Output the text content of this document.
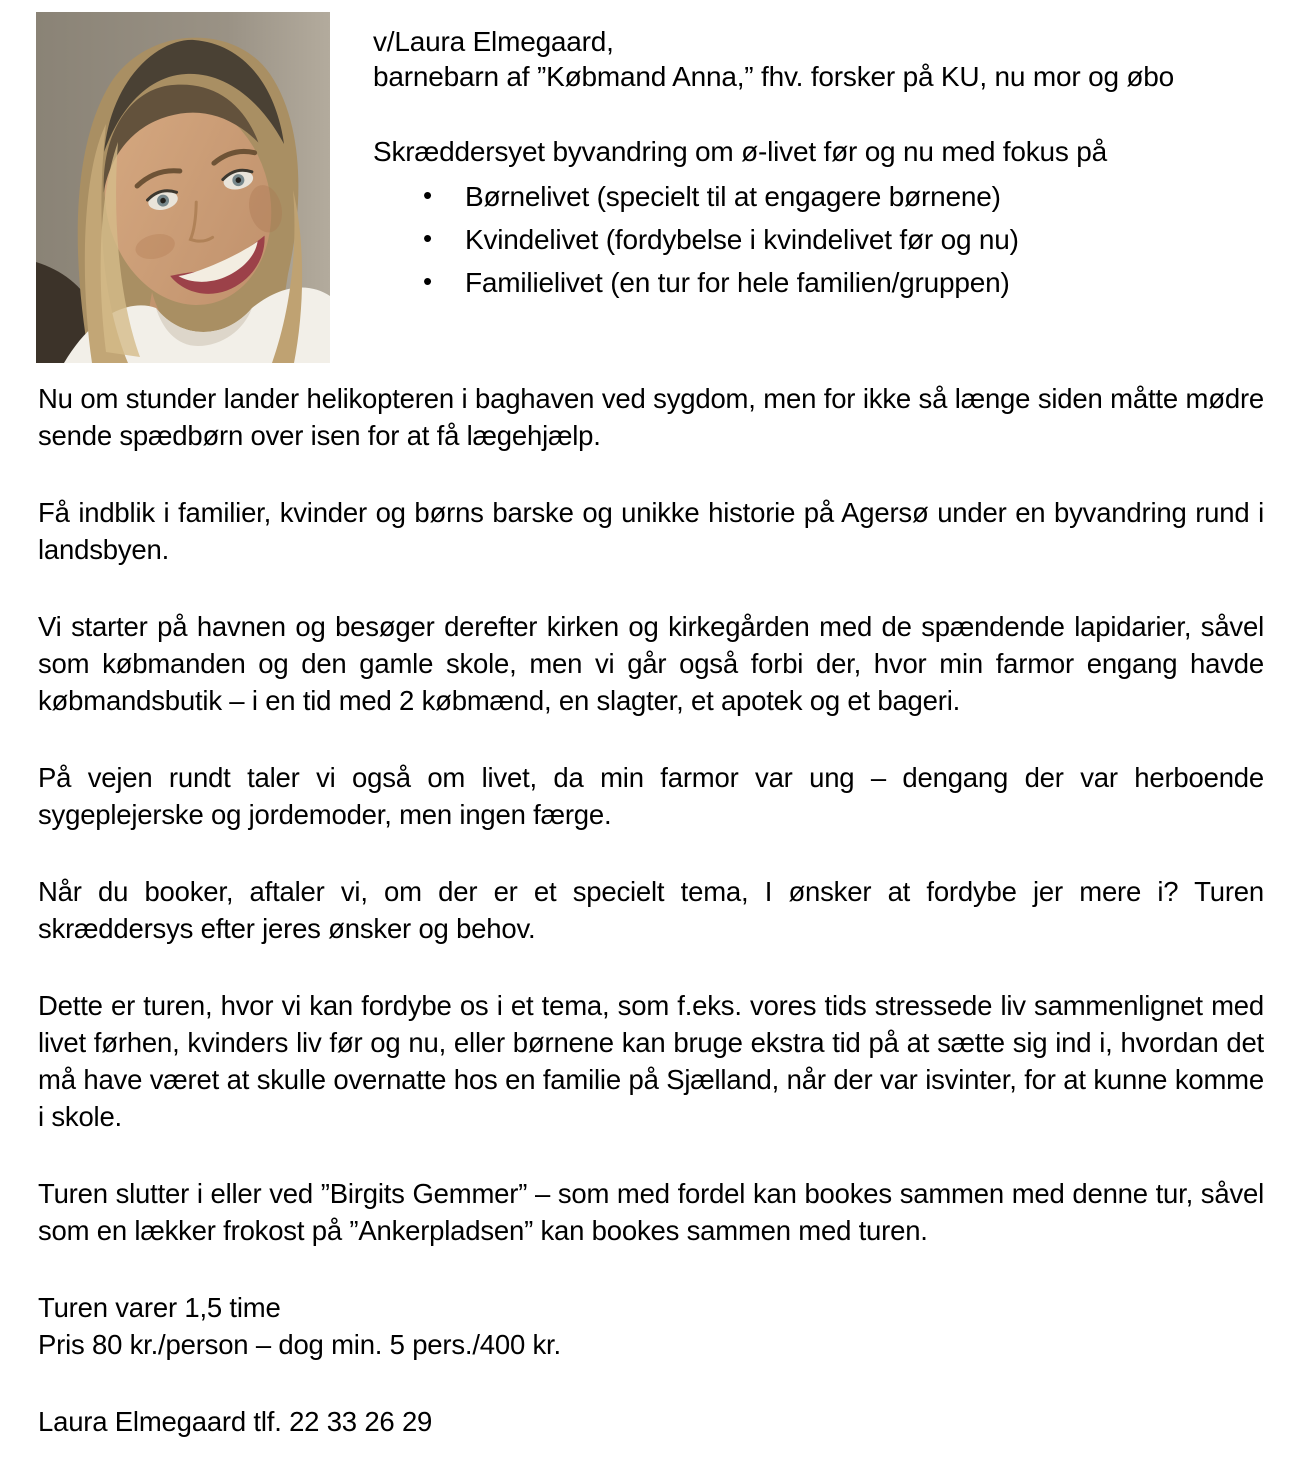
v/Laura Elmegaard,
barnebarn af ”Købmand Anna,” fhv. forsker på KU, nu mor og øbo
Skræddersyet byvandring om ø-livet før og nu med fokus på
• Børnelivet (specielt til at engagere børnene)
• Kvindelivet (fordybelse i kvindelivet før og nu)
• Familielivet (en tur for hele familien/gruppen)

Nu om stunder lander helikopteren i baghaven ved sygdom, men for ikke så længe siden måtte mødre sende spædbørn over isen for at få lægehjælp.

Få indblik i familier, kvinder og børns barske og unikke historie på Agersø under en byvandring rund i landsbyen.

Vi starter på havnen og besøger derefter kirken og kirkegården med de spændende lapidarier, såvel som købmanden og den gamle skole, men vi går også forbi der, hvor min farmor engang havde købmandsbutik – i en tid med 2 købmænd, en slagter, et apotek og et bageri.

På vejen rundt taler vi også om livet, da min farmor var ung – dengang der var herboende sygeplejerske og jordemoder, men ingen færge.

Når du booker, aftaler vi, om der er et specielt tema, I ønsker at fordybe jer mere i? Turen skræddersys efter jeres ønsker og behov.

Dette er turen, hvor vi kan fordybe os i et tema, som f.eks. vores tids stressede liv sammenlignet med livet førhen, kvinders liv før og nu, eller børnene kan bruge ekstra tid på at sætte sig ind i, hvordan det må have været at skulle overnatte hos en familie på Sjælland, når der var isvinter, for at kunne komme i skole.

Turen slutter i eller ved ”Birgits Gemmer” – som med fordel kan bookes sammen med denne tur, såvel som en lækker frokost på ”Ankerpladsen” kan bookes sammen med turen.

Turen varer 1,5 time
Pris 80 kr./person – dog min. 5 pers./400 kr.

Laura Elmegaard tlf. 22 33 26 29
